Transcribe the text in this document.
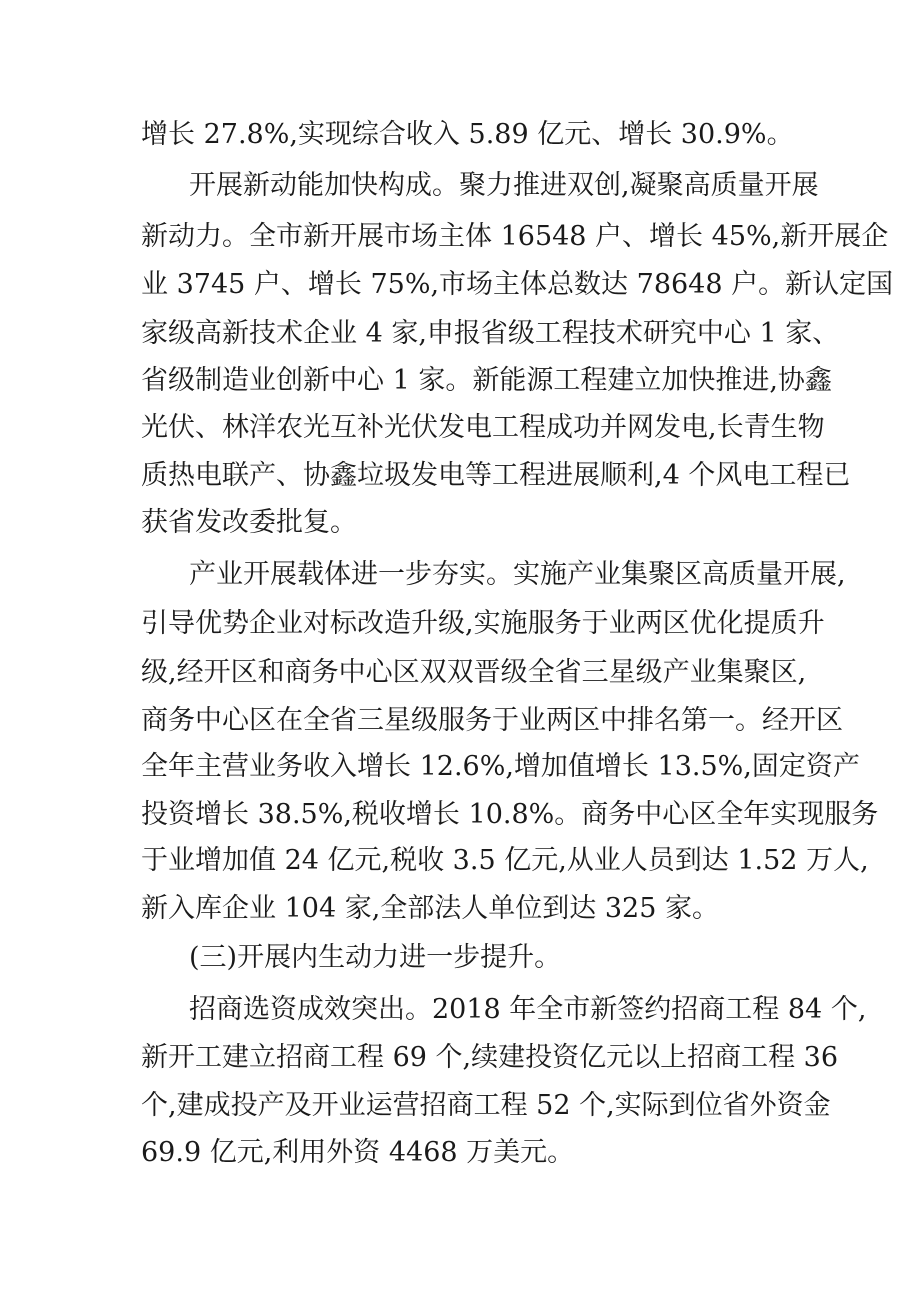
增长 27.8%,实现综合收入 5.89 亿元、增长 30.9%。
开展新动能加快构成。聚力推进双创,凝聚高质量开展
新动力。全市新开展市场主体 16548 户、增长 45%,新开展企
业 3745 户、增长 75%,市场主体总数达 78648 户。新认定国
家级高新技术企业 4 家,申报省级工程技术研究中心 1 家、
省级制造业创新中心 1 家。新能源工程建立加快推进,协鑫
光伏、林洋农光互补光伏发电工程成功并网发电,长青生物
质热电联产、协鑫垃圾发电等工程进展顺利,4 个风电工程已
获省发改委批复。
产业开展载体进一步夯实。实施产业集聚区高质量开展,
引导优势企业对标改造升级,实施服务于业两区优化提质升
级,经开区和商务中心区双双晋级全省三星级产业集聚区,
商务中心区在全省三星级服务于业两区中排名第一。经开区
全年主营业务收入增长 12.6%,增加值增长 13.5%,固定资产
投资增长 38.5%,税收增长 10.8%。商务中心区全年实现服务
于业增加值 24 亿元,税收 3.5 亿元,从业人员到达 1.52 万人,
新入库企业 104 家,全部法人单位到达 325 家。
(三)开展内生动力进一步提升。
招商选资成效突出。2018 年全市新签约招商工程 84 个,
新开工建立招商工程 69 个,续建投资亿元以上招商工程 36
个,建成投产及开业运营招商工程 52 个,实际到位省外资金
69.9 亿元,利用外资 4468 万美元。
